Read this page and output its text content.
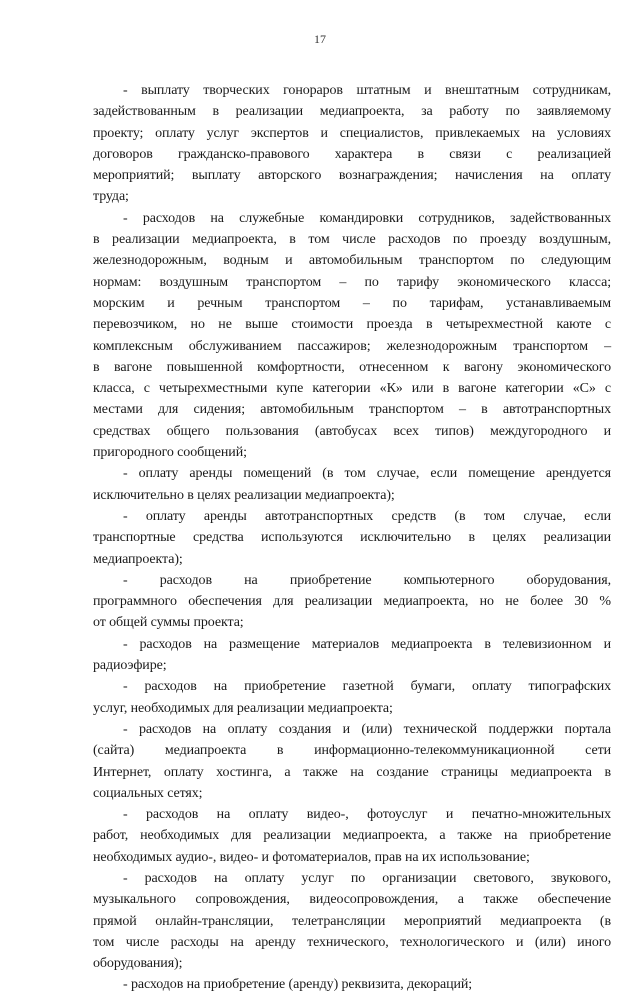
17
- выплату творческих гонораров штатным и внештатным сотрудникам,
задействованным в реализации медиапроекта, за работу по заявляемому
проекту; оплату услуг экспертов и специалистов, привлекаемых на условиях
договоров гражданско-правового характера в связи с реализацией
мероприятий; выплату авторского вознаграждения; начисления на оплату
труда;
- расходов на служебные командировки сотрудников, задействованных
в реализации медиапроекта, в том числе расходов по проезду воздушным,
железнодорожным, водным и автомобильным транспортом по следующим
нормам: воздушным транспортом – по тарифу экономического класса;
морским и речным транспортом – по тарифам, устанавливаемым
перевозчиком, но не выше стоимости проезда в четырехместной каюте с
комплексным обслуживанием пассажиров; железнодорожным транспортом –
в вагоне повышенной комфортности, отнесенном к вагону экономического
класса, с четырехместными купе категории «К» или в вагоне категории «С» с
местами для сидения; автомобильным транспортом – в автотранспортных
средствах общего пользования (автобусах всех типов) междугородного и
пригородного сообщений;
- оплату аренды помещений (в том случае, если помещение арендуется
исключительно в целях реализации медиапроекта);
- оплату аренды автотранспортных средств (в том случае, если
транспортные средства используются исключительно в целях реализации
медиапроекта);
- расходов на приобретение компьютерного оборудования,
программного обеспечения для реализации медиапроекта, но не более 30 %
от общей суммы проекта;
- расходов на размещение материалов медиапроекта в телевизионном и
радиоэфире;
- расходов на приобретение газетной бумаги, оплату типографских
услуг, необходимых для реализации медиапроекта;
- расходов на оплату создания и (или) технической поддержки портала
(сайта) медиапроекта в информационно-телекоммуникационной сети
Интернет, оплату хостинга, а также на создание страницы медиапроекта в
социальных сетях;
- расходов на оплату видео-, фотоуслуг и печатно-множительных
работ, необходимых для реализации медиапроекта, а также на приобретение
необходимых аудио-, видео- и фотоматериалов, прав на их использование;
- расходов на оплату услуг по организации светового, звукового,
музыкального сопровождения, видеосопровождения, а также обеспечение
прямой онлайн-трансляции, телетрансляции мероприятий медиапроекта (в
том числе расходы на аренду технического, технологического и (или) иного
оборудования);
- расходов на приобретение (аренду) реквизита, декораций;
